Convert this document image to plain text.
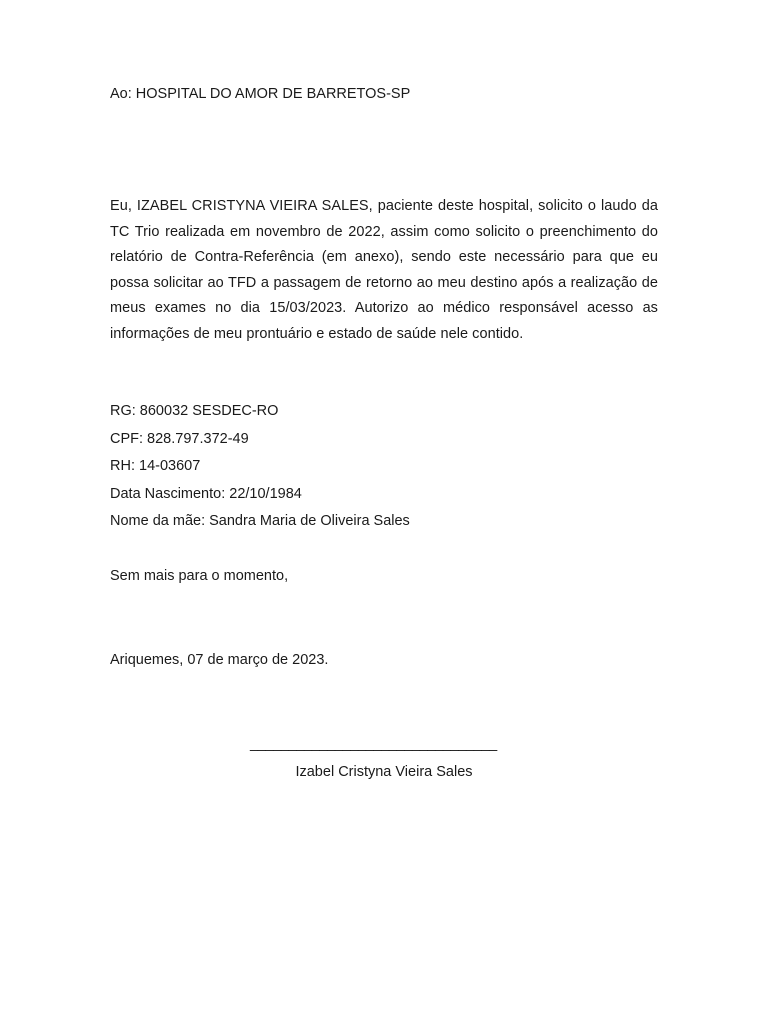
Ao: HOSPITAL DO AMOR DE BARRETOS-SP
Eu, IZABEL CRISTYNA VIEIRA SALES, paciente deste hospital, solicito o laudo da TC Trio realizada em novembro de 2022, assim como solicito o preenchimento do relatório de Contra-Referência (em anexo), sendo este necessário para que eu possa solicitar ao TFD a passagem de retorno ao meu destino após a realização de meus exames no dia 15/03/2023. Autorizo ao médico responsável acesso as informações de meu prontuário e estado de saúde nele contido.
RG: 860032 SESDEC-RO
CPF: 828.797.372-49
RH: 14-03607
Data Nascimento: 22/10/1984
Nome da mãe: Sandra Maria de Oliveira Sales
Sem mais para o momento,
Ariquemes, 07 de março de 2023.
________________________________
Izabel Cristyna Vieira Sales
